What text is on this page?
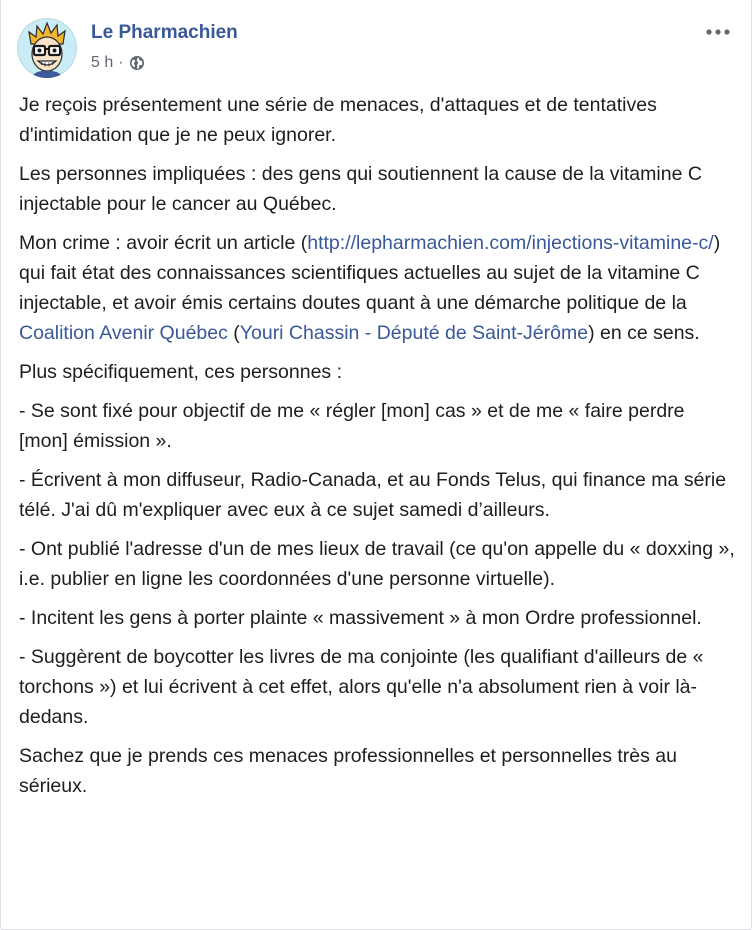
Le Pharmachien
5 h ·

Je reçois présentement une série de menaces, d'attaques et de tentatives d'intimidation que je ne peux ignorer.

Les personnes impliquées : des gens qui soutiennent la cause de la vitamine C injectable pour le cancer au Québec.

Mon crime : avoir écrit un article (http://lepharmachien.com/injections-vitamine-c/) qui fait état des connaissances scientifiques actuelles au sujet de la vitamine C injectable, et avoir émis certains doutes quant à une démarche politique de la Coalition Avenir Québec (Youri Chassin - Député de Saint-Jérôme) en ce sens.

Plus spécifiquement, ces personnes :

- Se sont fixé pour objectif de me « régler [mon] cas » et de me « faire perdre [mon] émission ».

- Écrivent à mon diffuseur, Radio-Canada, et au Fonds Telus, qui finance ma série télé. J'ai dû m'expliquer avec eux à ce sujet samedi d’ailleurs.

- Ont publié l'adresse d'un de mes lieux de travail (ce qu'on appelle du « doxxing », i.e. publier en ligne les coordonnées d'une personne virtuelle).

- Incitent les gens à porter plainte « massivement » à mon Ordre professionnel.

- Suggèrent de boycotter les livres de ma conjointe (les qualifiant d'ailleurs de « torchons ») et lui écrivent à cet effet, alors qu'elle n'a absolument rien à voir là-dedans.

Sachez que je prends ces menaces professionnelles et personnelles très au sérieux.
